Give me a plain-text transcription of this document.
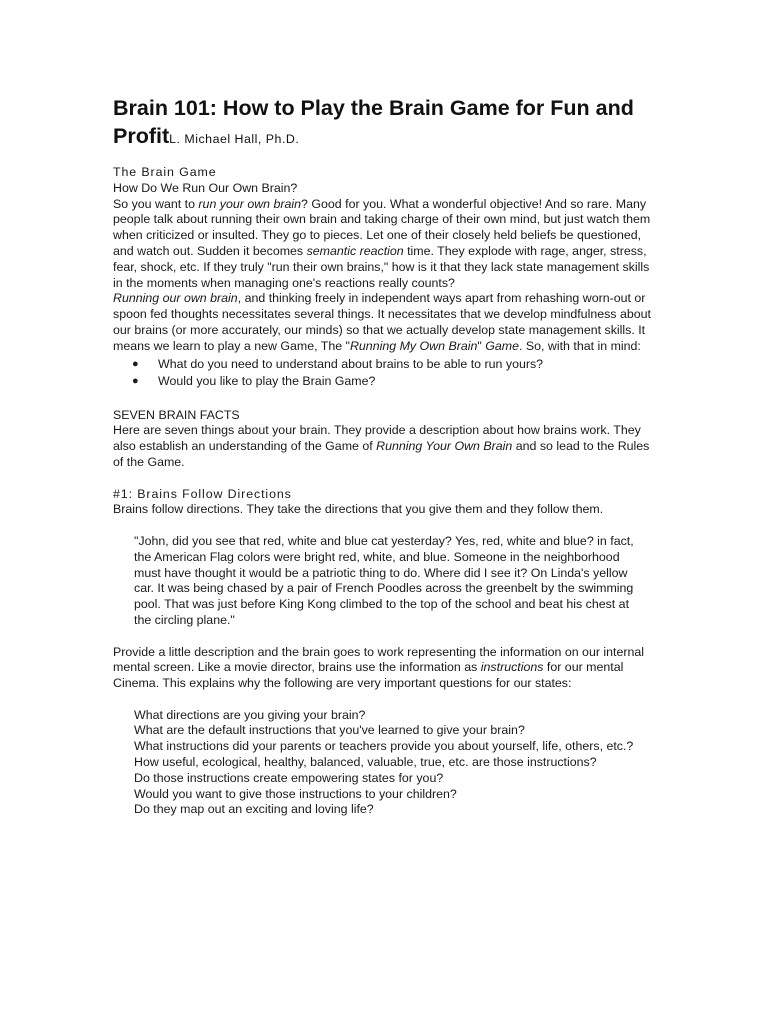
Brain 101: How to Play the Brain Game for Fun and ProfitL. Michael Hall, Ph.D.

The Brain Game

How Do We Run Our Own Brain?

So you want to run your own brain? Good for you. What a wonderful objective! And so rare. Many people talk about running their own brain and taking charge of their own mind, but just watch them when criticized or insulted. They go to pieces. Let one of their closely held beliefs be questioned, and watch out. Sudden it becomes semantic reaction time. They explode with rage, anger, stress, fear, shock, etc. If they truly "run their own brains," how is it that they lack state management skills in the moments when managing one's reactions really counts?

Running our own brain, and thinking freely in independent ways apart from rehashing worn-out or spoon fed thoughts necessitates several things. It necessitates that we develop mindfulness about our brains (or more accurately, our minds) so that we actually develop state management skills. It means we learn to play a new Game, The "Running My Own Brain" Game. So, with that in mind:

● What do you need to understand about brains to be able to run yours?
● Would you like to play the Brain Game?

SEVEN BRAIN FACTS

Here are seven things about your brain. They provide a description about how brains work. They also establish an understanding of the Game of Running Your Own Brain and so lead to the Rules of the Game.

#1: Brains Follow Directions

Brains follow directions. They take the directions that you give them and they follow them.

"John, did you see that red, white and blue cat yesterday? Yes, red, white and blue? in fact, the American Flag colors were bright red, white, and blue. Someone in the neighborhood must have thought it would be a patriotic thing to do. Where did I see it? On Linda's yellow car. It was being chased by a pair of French Poodles across the greenbelt by the swimming pool. That was just before King Kong climbed to the top of the school and beat his chest at the circling plane."

Provide a little description and the brain goes to work representing the information on our internal mental screen. Like a movie director, brains use the information as instructions for our mental Cinema. This explains why the following are very important questions for our states:

What directions are you giving your brain?

What are the default instructions that you've learned to give your brain?

What instructions did your parents or teachers provide you about yourself, life, others, etc.?

How useful, ecological, healthy, balanced, valuable, true, etc. are those instructions?

Do those instructions create empowering states for you?

Would you want to give those instructions to your children?

Do they map out an exciting and loving life?
